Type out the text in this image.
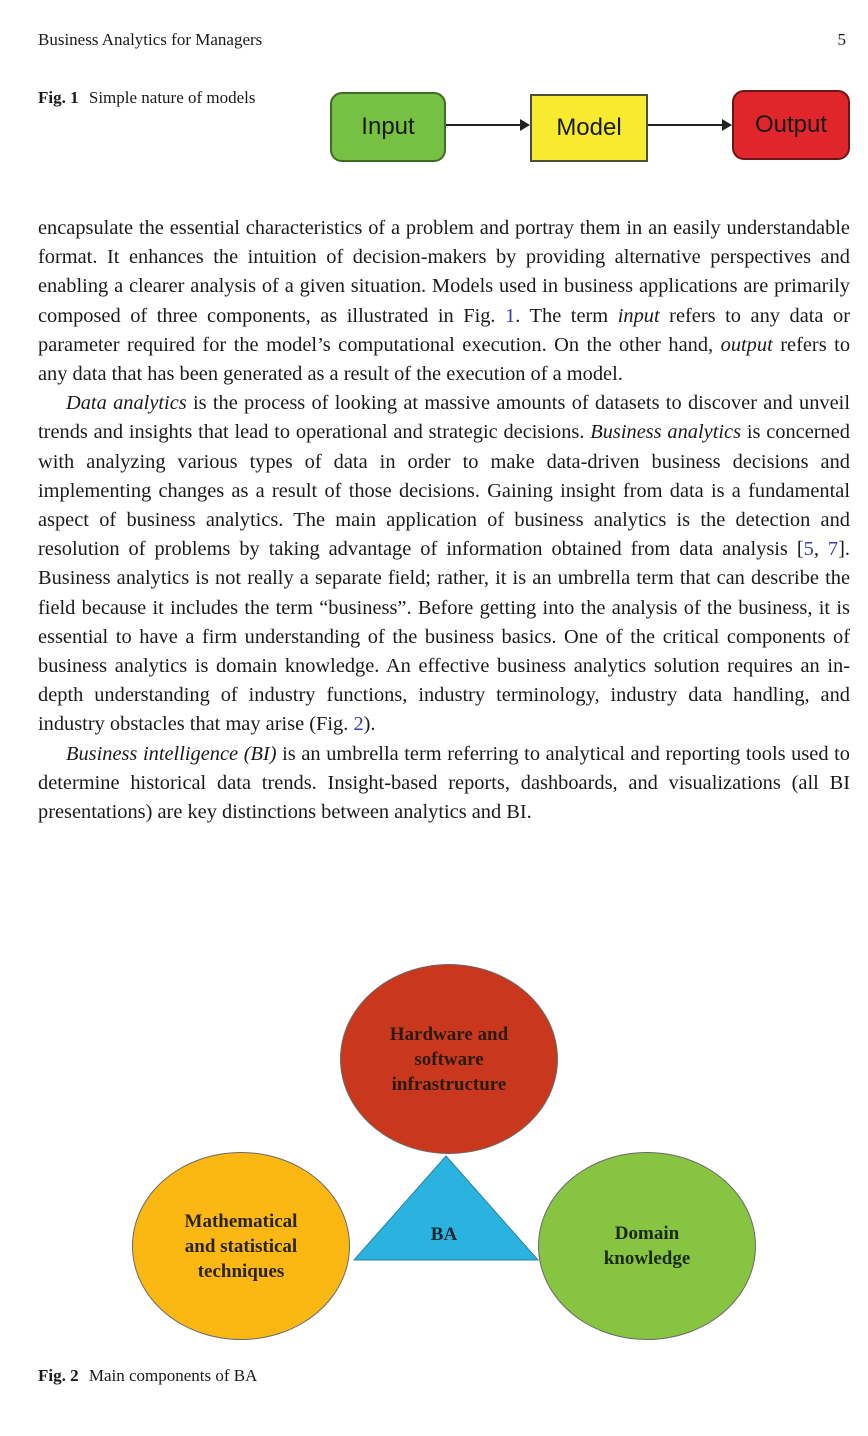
Business Analytics for Managers	5
Fig. 1 Simple nature of models
Input	Model	Output

encapsulate the essential characteristics of a problem and portray them in an easily understandable format. It enhances the intuition of decision-makers by providing alternative perspectives and enabling a clearer analysis of a given situation. Models used in business applications are primarily composed of three components, as illustrated in Fig. 1. The term input refers to any data or parameter required for the model’s computational execution. On the other hand, output refers to any data that has been generated as a result of the execution of a model.

Data analytics is the process of looking at massive amounts of datasets to discover and unveil trends and insights that lead to operational and strategic decisions. Business analytics is concerned with analyzing various types of data in order to make data-driven business decisions and implementing changes as a result of those decisions. Gaining insight from data is a fundamental aspect of business analytics. The main application of business analytics is the detection and resolution of problems by taking advantage of information obtained from data analysis [5, 7]. Business analytics is not really a separate field; rather, it is an umbrella term that can describe the field because it includes the term “business”. Before getting into the analysis of the business, it is essential to have a firm understanding of the business basics. One of the critical components of business analytics is domain knowledge. An effective business analytics solution requires an in-depth understanding of industry functions, industry terminology, industry data handling, and industry obstacles that may arise (Fig. 2).

Business intelligence (BI) is an umbrella term referring to analytical and reporting tools used to determine historical data trends. Insight-based reports, dashboards, and visualizations (all BI presentations) are key distinctions between analytics and BI.

Hardware and software infrastructure
Mathematical and statistical techniques
Domain knowledge
BA
Fig. 2 Main components of BA
